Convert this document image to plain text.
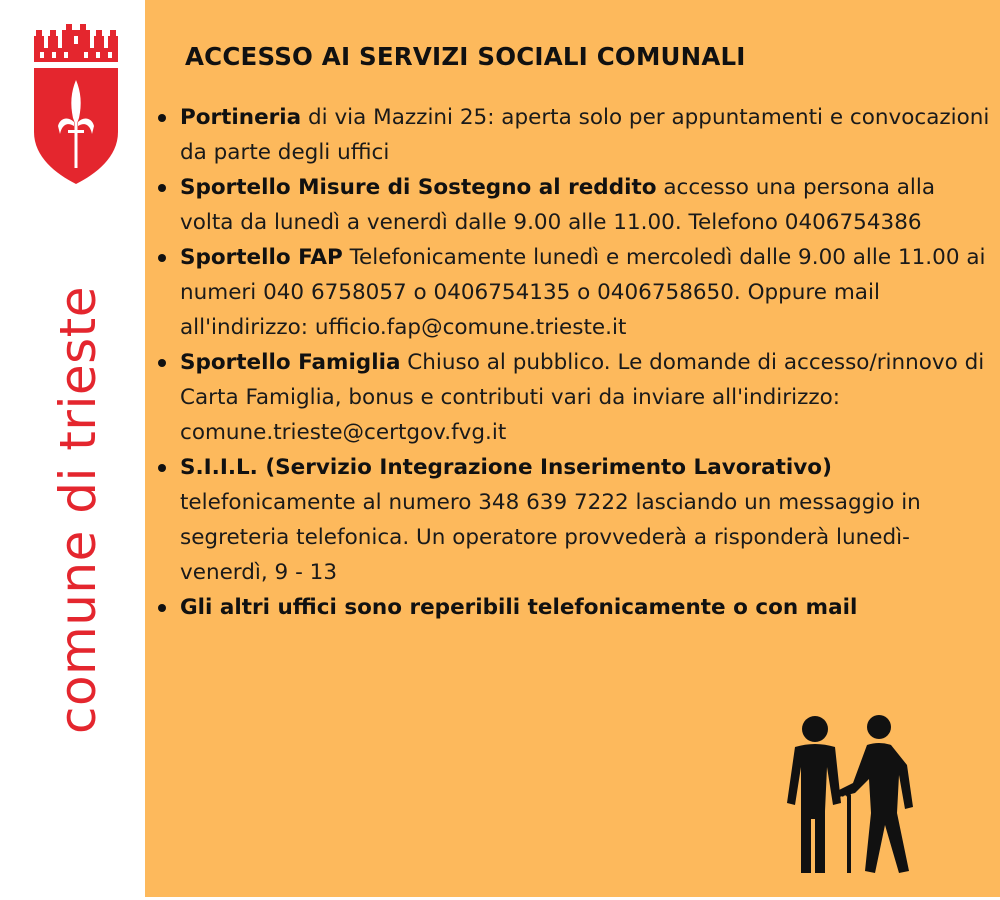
comune di trieste
ACCESSO AI SERVIZI SOCIALI COMUNALI
Portineria di via Mazzini 25: aperta solo per appuntamenti e convocazioni da parte degli uffici
Sportello Misure di Sostegno al reddito accesso una persona alla volta da lunedì a venerdì dalle 9.00 alle 11.00. Telefono 0406754386
Sportello FAP Telefonicamente lunedì e mercoledì dalle 9.00 alle 11.00 ai numeri 040 6758057 o 0406754135 o 0406758650. Oppure mail all'indirizzo: ufficio.fap@comune.trieste.it
Sportello Famiglia Chiuso al pubblico. Le domande di accesso/rinnovo di Carta Famiglia, bonus e contributi vari da inviare all'indirizzo: comune.trieste@certgov.fvg.it
S.I.I.L. (Servizio Integrazione Inserimento Lavorativo) telefonicamente al numero 348 639 7222 lasciando un messaggio in segreteria telefonica. Un operatore provvederà a risponderà lunedì-venerdì, 9 - 13
Gli altri uffici sono reperibili telefonicamente o con mail
